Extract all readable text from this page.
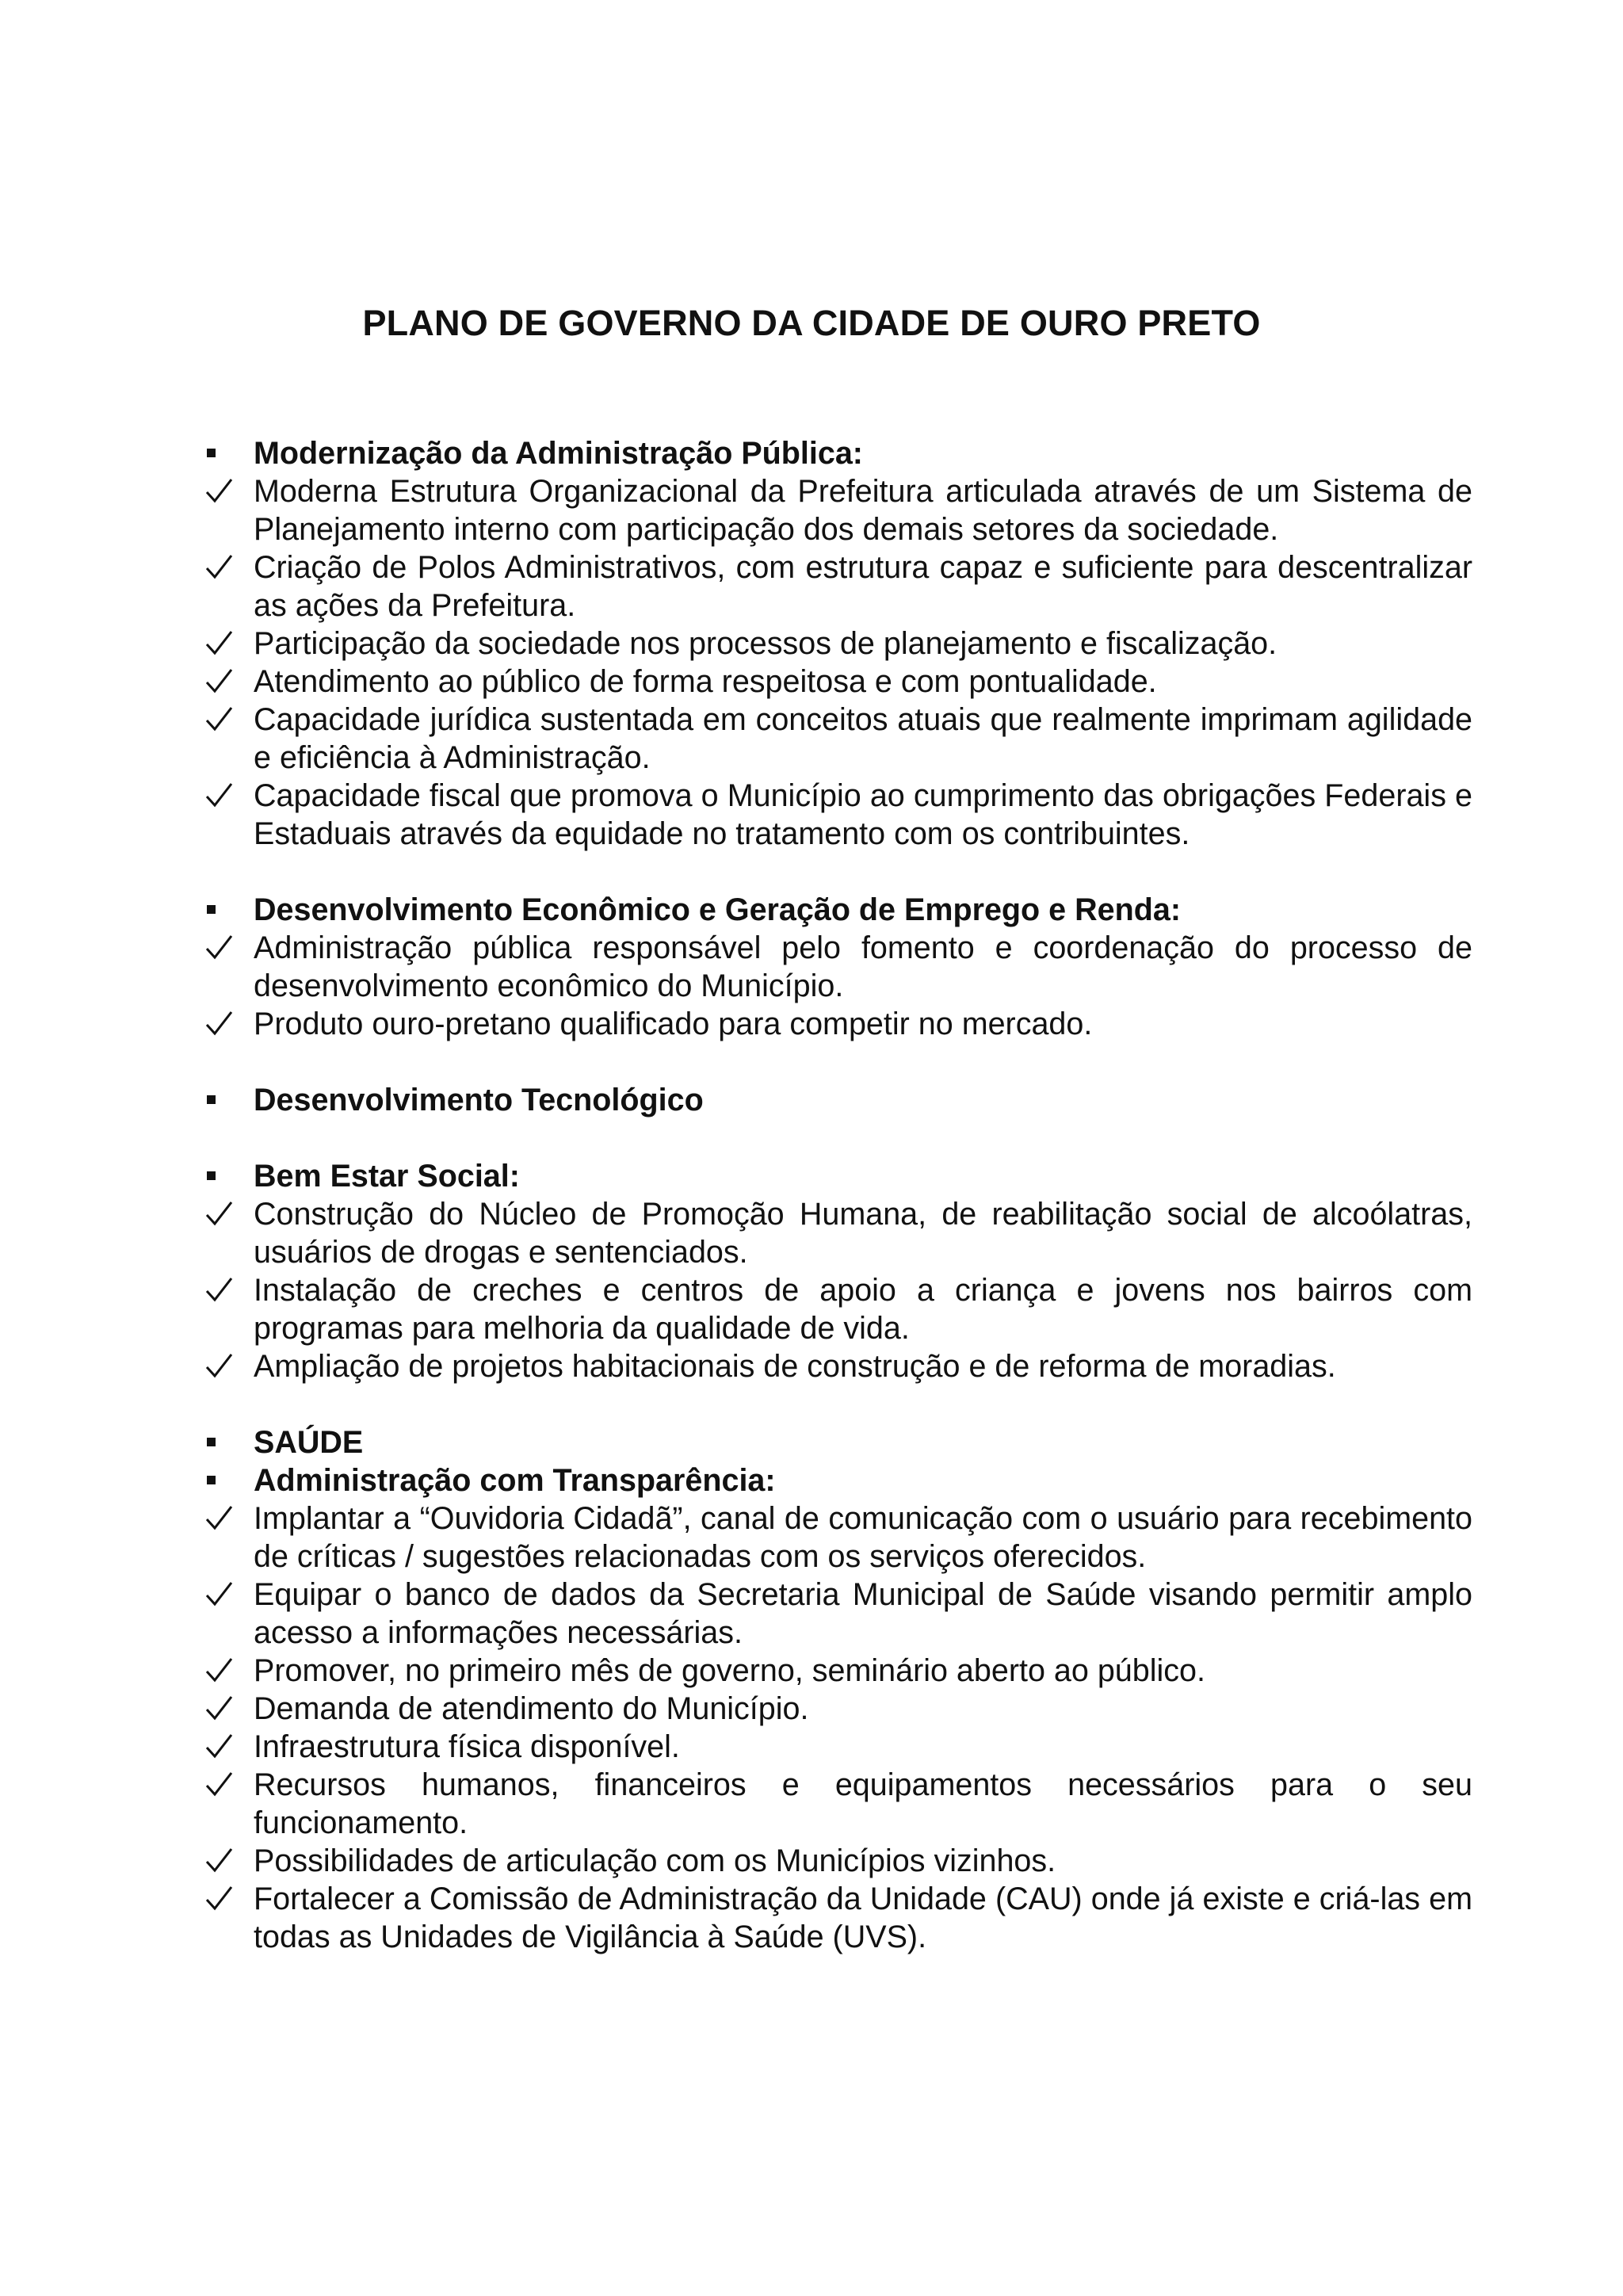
PLANO DE GOVERNO DA CIDADE DE OURO PRETO
Modernização da Administração Pública:
Moderna Estrutura Organizacional da Prefeitura articulada através de um Sistema de Planejamento interno com participação dos demais setores da sociedade.
Criação de Polos Administrativos, com estrutura capaz e suficiente para descentralizar as ações da Prefeitura.
Participação da sociedade nos processos de planejamento e fiscalização.
Atendimento ao público de forma respeitosa e com pontualidade.
Capacidade jurídica sustentada em conceitos atuais que realmente imprimam agilidade e eficiência à Administração.
Capacidade fiscal que promova o Município ao cumprimento das obrigações Federais e Estaduais através da equidade no tratamento com os contribuintes.
Desenvolvimento Econômico e Geração de Emprego e Renda:
Administração pública responsável pelo fomento e coordenação do processo de desenvolvimento econômico do Município.
Produto ouro-pretano qualificado para competir no mercado.
Desenvolvimento Tecnológico
Bem Estar Social:
Construção do Núcleo de Promoção Humana, de reabilitação social de alcoólatras, usuários de drogas e sentenciados.
Instalação de creches e centros de apoio a criança e jovens nos bairros com programas para melhoria da qualidade de vida.
Ampliação de projetos habitacionais de construção e de reforma de moradias.
SAÚDE
Administração com Transparência:
Implantar a “Ouvidoria Cidadã”, canal de comunicação com o usuário para recebimento de críticas / sugestões relacionadas com os serviços oferecidos.
Equipar o banco de dados da Secretaria Municipal de Saúde visando permitir amplo acesso a informações necessárias.
Promover, no primeiro mês de governo, seminário aberto ao público.
Demanda de atendimento do Município.
Infraestrutura física disponível.
Recursos humanos, financeiros e equipamentos necessários para o seu funcionamento.
Possibilidades de articulação com os Municípios vizinhos.
Fortalecer a Comissão de Administração da Unidade (CAU) onde já existe e criá-las em todas as Unidades de Vigilância à Saúde (UVS).
